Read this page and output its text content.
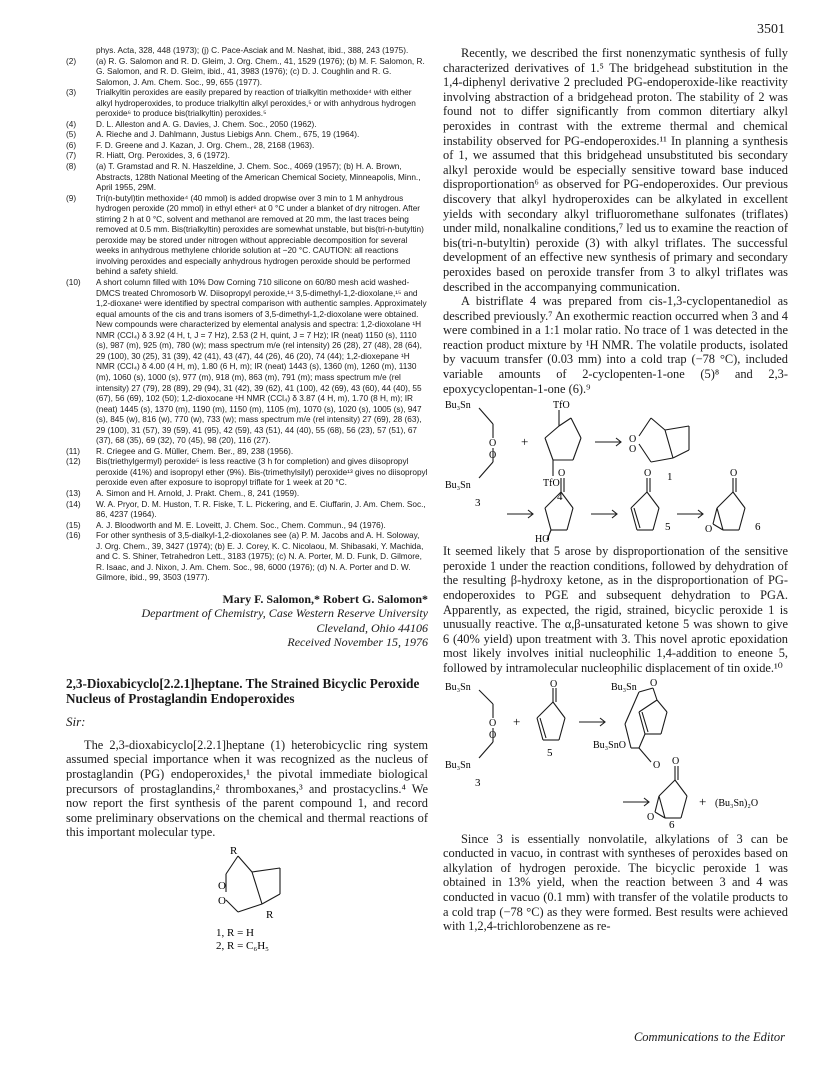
3501

phys. Acta, 328, 448 (1973); (j) C. Pace-Asciak and M. Nashat, ibid., 388, 243 (1975).

(2) (a) R. G. Salomon and R. D. Gleim, J. Org. Chem., 41, 1529 (1976); (b) M. F. Salomon, R. G. Salomon, and R. D. Gleim, ibid., 41, 3983 (1976); (c) D. J. Coughlin and R. G. Salomon, J. Am. Chem. Soc., 99, 655 (1977).

(3) Trialkyltin peroxides are easily prepared by reaction of trialkyltin methoxide⁴ with either alkyl hydroperoxides, to produce trialkyltin alkyl peroxides,⁵ or with anhydrous hydrogen peroxide⁶ to produce bis(trialkyltin) peroxides.⁵

(4) D. L. Alleston and A. G. Davies, J. Chem. Soc., 2050 (1962).

(5) A. Rieche and J. Dahlmann, Justus Liebigs Ann. Chem., 675, 19 (1964).

(6) F. D. Greene and J. Kazan, J. Org. Chem., 28, 2168 (1963).

(7) R. Hiatt, Org. Peroxides, 3, 6 (1972).

(8) (a) T. Gramstad and R. N. Haszeldine, J. Chem. Soc., 4069 (1957); (b) H. A. Brown, Abstracts, 128th National Meeting of the American Chemical Society, Minneapolis, Minn., April 1955, 29M.

(9) Tri(n-butyl)tin methoxide⁴ (40 mmol) is added dropwise over 3 min to 1 M anhydrous hydrogen peroxide (20 mmol) in ethyl ether⁶ at 0 °C under a blanket of dry nitrogen. After stirring 2 h at 0 °C, solvent and methanol are removed at 20 mm, the last traces being removed at 0.5 mm. Bis(trialkyltin) peroxides are somewhat unstable, but bis(tri-n-butyltin) peroxide may be stored under nitrogen without appreciable decomposition for several weeks in anhydrous methylene chloride solution at −20 °C. CAUTION: all reactions involving peroxides and especially anhydrous hydrogen peroxide should be performed behind a safety shield.

(10) A short column filled with 10% Dow Corning 710 silicone on 60/80 mesh acid washed-DMCS treated Chromosorb W. Diisopropyl peroxide,¹⁴ 3,5-dimethyl-1,2-dioxolane,¹⁵ and 1,2-dioxane¹ were identified by spectral comparison with authentic samples. Approximately equal amounts of the cis and trans isomers of 3,5-dimethyl-1,2-dioxolane were obtained. New compounds were characterized by elemental analysis and spectra: 1,2-dioxolane ¹H NMR (CCl₄) δ 3.92 (4 H, t, J = 7 Hz), 2.53 (2 H, quint, J = 7 Hz); IR (neat) 1150 (s), 1110 (s), 987 (m), 925 (m), 780 (w); mass spectrum m/e (rel intensity) 26 (28), 27 (48), 28 (64), 29 (100), 30 (25), 31 (39), 42 (41), 43 (47), 44 (26), 46 (20), 74 (44); 1,2-dioxepane ¹H NMR (CCl₄) δ 4.00 (4 H, m), 1.80 (6 H, m); IR (neat) 1443 (s), 1360 (m), 1260 (m), 1130 (m), 1060 (s), 1000 (s), 977 (m), 918 (m), 863 (m), 791 (m); mass spectrum m/e (rel intensity) 27 (79), 28 (89), 29 (94), 31 (42), 39 (62), 41 (100), 42 (69), 43 (60), 44 (40), 55 (67), 56 (69), 102 (50); 1,2-dioxocane ¹H NMR (CCl₄) δ 3.87 (4 H, m), 1.70 (8 H, m); IR (neat) 1445 (s), 1370 (m), 1190 (m), 1150 (m), 1105 (m), 1070 (s), 1020 (s), 1005 (s), 947 (s), 845 (w), 816 (w), 770 (w), 733 (w); mass spectrum m/e (rel intensity) 27 (69), 28 (63), 29 (100), 31 (57), 39 (59), 41 (95), 42 (59), 43 (51), 44 (40), 55 (68), 56 (23), 57 (51), 67 (37), 68 (35), 69 (32), 70 (45), 98 (20), 116 (27).

(11) R. Criegee and G. Müller, Chem. Ber., 89, 238 (1956).

(12) Bis(triethylgermyl) peroxide⁵ is less reactive (3 h for completion) and gives diisopropyl peroxide (41%) and isopropyl ether (9%). Bis-(trimethylsilyl) peroxide¹³ gives no diisopropyl peroxide even after exposure to isopropyl triflate for 1 week at 20 °C.

(13) A. Simon and H. Arnold, J. Prakt. Chem., 8, 241 (1959).

(14) W. A. Pryor, D. M. Huston, T. R. Fiske, T. L. Pickering, and E. Ciuffarin, J. Am. Chem. Soc., 86, 4237 (1964).

(15) A. J. Bloodworth and M. E. Loveitt, J. Chem. Soc., Chem. Commun., 94 (1976).

(16) For other synthesis of 3,5-dialkyl-1,2-dioxolanes see (a) P. M. Jacobs and A. H. Soloway, J. Org. Chem., 39, 3427 (1974); (b) E. J. Corey, K. C. Nicolaou, M. Shibasaki, Y. Machida, and C. S. Shiner, Tetrahedron Lett., 3183 (1975); (c) N. A. Porter, M. D. Funk, D. Gilmore, R. Isaac, and J. Nixon, J. Am. Chem. Soc., 98, 6000 (1976); (d) N. A. Porter and D. W. Gilmore, ibid., 99, 3503 (1977).

Mary F. Salomon,* Robert G. Salomon*
Department of Chemistry, Case Western Reserve University
Cleveland, Ohio 44106
Received November 15, 1976
2,3-Dioxabicyclo[2.2.1]heptane. The Strained Bicyclic Peroxide Nucleus of Prostaglandin Endoperoxides
Sir:

The 2,3-dioxabicyclo[2.2.1]heptane (1) heterobicyclic ring system assumed special importance when it was recognized as the nucleus of prostaglandin (PG) endoperoxides,¹ the pivotal immediate biological precursors of prostaglandins,² thromboxanes,³ and prostacyclins.⁴ We now report the first synthesis of the parent compound 1, and record some preliminary observations on the chemical and thermal reactions of this important molecular type.

R
O
O
R
1, R = H
2, R = C₆H₅

Recently, we described the first nonenzymatic synthesis of fully characterized derivatives of 1.⁵ The bridgehead substitution in the 1,4-diphenyl derivative 2 precluded PG-endoperoxide-like reactivity involving abstraction of a bridgehead proton. The stability of 2 was found not to differ significantly from common ditertiary alkyl peroxides in contrast with the extreme thermal and chemical instability observed for PG-endoperoxides.¹¹ In planning a synthesis of 1, we assumed that this bridgehead unsubstituted bis secondary alkyl peroxide would be especially sensitive toward base induced disproportionation⁶ as observed for PG-endoperoxides. Our previous discovery that alkyl hydroperoxides can be alkylated in excellent yields with secondary alkyl trifluoromethane sulfonates (triflates) under mild, nonalkaline conditions,⁷ led us to examine the reaction of bis(tri-n-butyltin) peroxide (3) with alkyl triflates. The successful development of an effective new synthesis of primary and secondary peroxides based on peroxide transfer from 3 to alkyl triflates was described in the accompanying communication.

A bistriflate 4 was prepared from cis-1,3-cyclopentanediol as described previously.⁷ An exothermic reaction occurred when 3 and 4 were combined in a 1:1 molar ratio. No trace of 1 was detected in the reaction product mixture by ¹H NMR. The volatile products, isolated by vacuum transfer (0.03 mm) into a cold trap (−78 °C), included variable amounts of 2-cyclopenten-1-one (5)⁸ and 2,3-epoxycyclopentan-1-one (6).⁹

Bu₃Sn
O
O
Bu₃Sn
+
TfO
TfO
O
O
3	4
1
O
HO
O
5
O
O	6

It seemed likely that 5 arose by disproportionation of the sensitive peroxide 1 under the reaction conditions, followed by dehydration of the resulting β-hydroxy ketone, as in the disproportionation of PG-endoperoxides to PGE and subsequent dehydration to PGA. Apparently, as expected, the rigid, strained, bicyclic peroxide 1 is unusually reactive. The α,β-unsaturated ketone 5 was shown to give 6 (40% yield) upon treatment with 3. This novel aprotic epoxidation most likely involves initial nucleophilic 1,4-addition to eneone 5, followed by intramolecular nucleophilic displacement of tin oxide.¹⁰

Bu₃Sn
O
O
Bu₃Sn
+
O
3
5
Bu₃Sn O
Bu₃SnO
O O
O
+ (Bu₃Sn)₂O
6

Since 3 is essentially nonvolatile, alkylations of 3 can be conducted in vacuo, in contrast with syntheses of peroxides based on alkylation of hydrogen peroxide. The bicyclic peroxide 1 was obtained in 13% yield, when the reaction between 3 and 4 was conducted in vacuo (0.1 mm) with transfer of the volatile products to a cold trap (−78 °C) as they were formed. Best results were achieved with 1,2,4-trichlorobenzene as re-

Communications to the Editor
